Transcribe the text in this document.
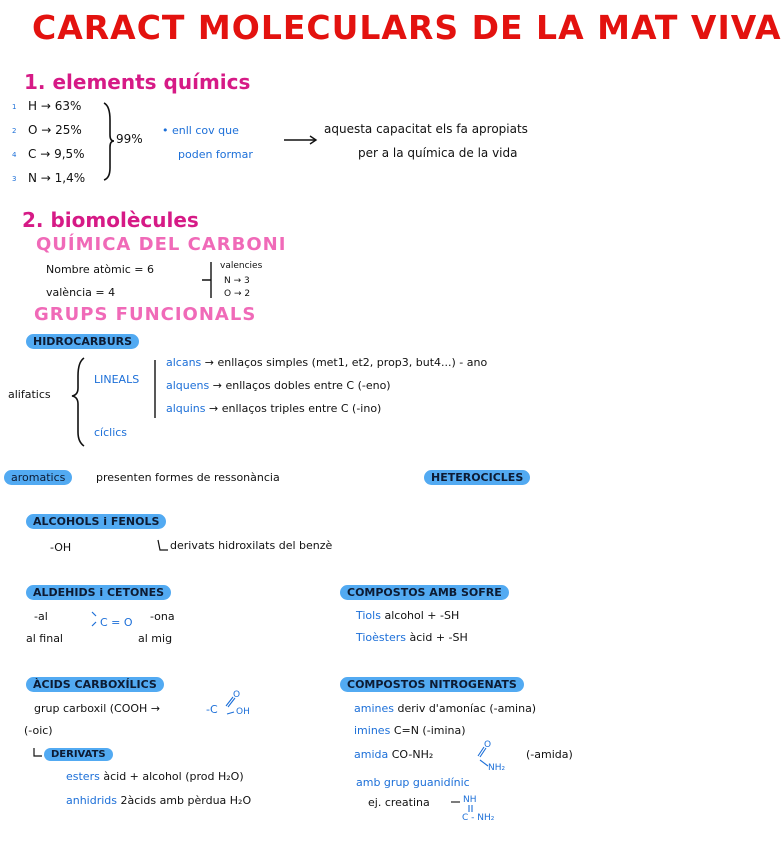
CARACT MOLECULARS DE LA MAT VIVA
1. elements químics
1 H → 63%
2 O → 25%
4 C → 9,5%
3 N → 1,4%
99%
• enll cov que
poden formar
aquesta capacitat els fa apropiats
per a la química de la vida
2. biomolècules
QUÍMICA DEL CARBONI
Nombre atòmic = 6
valència = 4
valencies
N → 3
O → 2
GRUPS FUNCIONALS
HIDROCARBURS
alifatics
LINEALS
cíclics
alcans → enllaços simples (met1, et2, prop3, but4...) - ano
alquens → enllaços dobles entre C (-eno)
alquins → enllaços triples entre C (-ino)
aromatics	presenten formes de ressonància	HETEROCICLES
ALCOHOLS i FENOLS
-OH	derivats hidroxilats del benzè
ALDEHIDS i CETONES
-al
al final
C = O -ona
al mig
COMPOSTOS AMB SOFRE
Tiols alcohol + -SH
Tioèsters àcid + -SH
ÀCIDS CARBOXÍLICS
grup carboxil (COOH →	-C
O
OH
(-oic)
DERIVATS
esters àcid + alcohol (prod H₂O)
anhidrids 2àcids amb pèrdua H₂O
COMPOSTOS NITROGENATS
amines deriv d'amoníac (-amina)
imines C=N (-imina)
amida CO-NH₂
O
NH₂
(-amida)
amb grup guanidínic
ej. creatina	NH
C - NH₂
